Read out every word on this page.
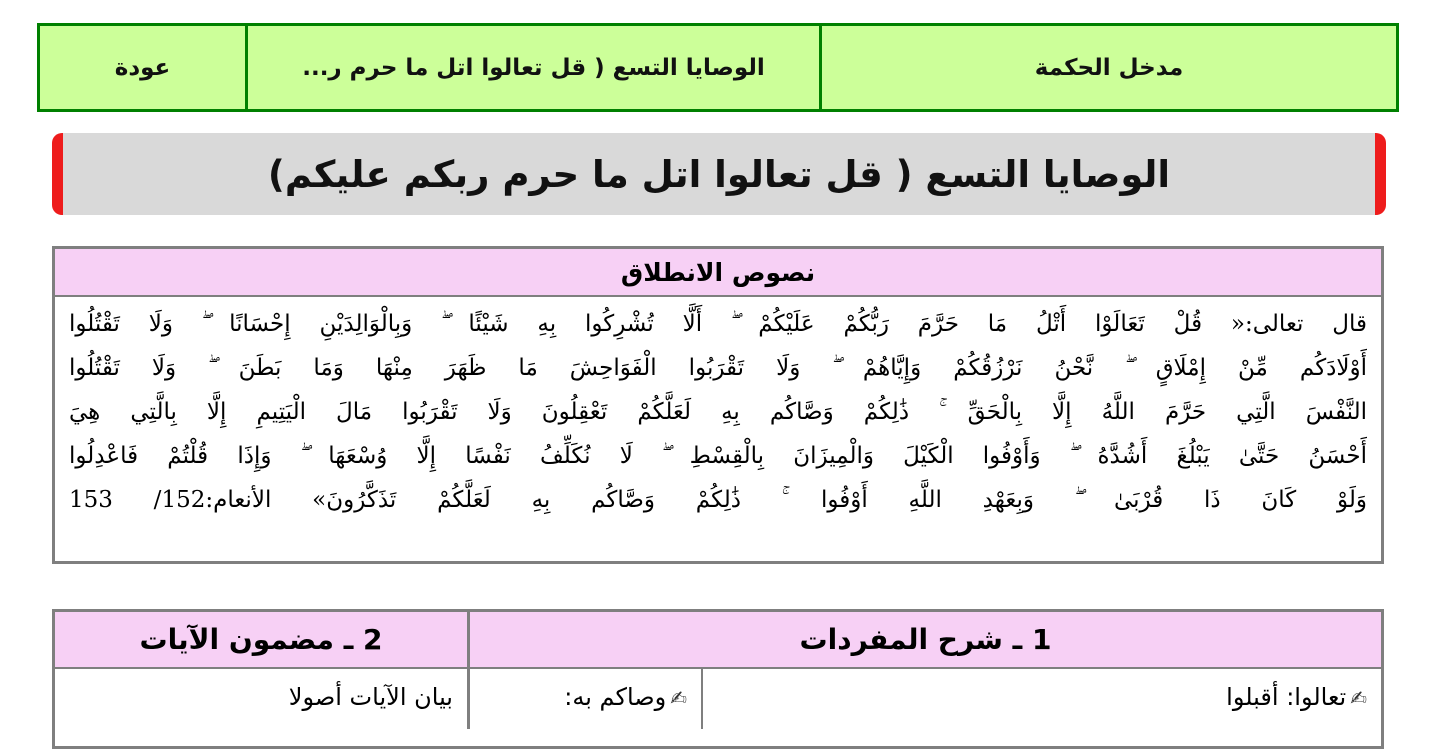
مدخل الحكمة
الوصايا التسع ( قل تعالوا اتل ما حرم ر...
عودة
الوصايا التسع ( قل تعالوا اتل ما حرم ربكم عليكم)
نصوص الانطلاق
قال تعالى:« قُلْ تَعَالَوْا أَتْلُ مَا حَرَّمَ رَبُّكُمْ عَلَيْكُمْ ۖ أَلَّا تُشْرِكُوا بِهِ شَيْئًا ۖ وَبِالْوَالِدَيْنِ إِحْسَانًا ۖ وَلَا تَقْتُلُوا
أَوْلَادَكُم مِّنْ إِمْلَاقٍ ۖ نَّحْنُ نَرْزُقُكُمْ وَإِيَّاهُمْ ۖ وَلَا تَقْرَبُوا الْفَوَاحِشَ مَا ظَهَرَ مِنْهَا وَمَا بَطَنَ ۖ وَلَا تَقْتُلُوا
النَّفْسَ الَّتِي حَرَّمَ اللَّهُ إِلَّا بِالْحَقِّ ۚ ذَٰلِكُمْ وَصَّاكُم بِهِ لَعَلَّكُمْ تَعْقِلُونَ وَلَا تَقْرَبُوا مَالَ الْيَتِيمِ إِلَّا بِالَّتِي هِيَ
أَحْسَنُ حَتَّىٰ يَبْلُغَ أَشُدَّهُ ۖ وَأَوْفُوا الْكَيْلَ وَالْمِيزَانَ بِالْقِسْطِ ۖ لَا نُكَلِّفُ نَفْسًا إِلَّا وُسْعَهَا ۖ وَإِذَا قُلْتُمْ فَاعْدِلُوا
وَلَوْ كَانَ ذَا قُرْبَىٰ ۖ وَبِعَهْدِ اللَّهِ أَوْفُوا ۚ ذَٰلِكُمْ وَصَّاكُم بِهِ لَعَلَّكُمْ تَذَكَّرُونَ» الأنعام:152/ 153
1 ـ شرح المفردات
2 ـ مضمون الآيات
✍تعالوا: أقبلوا
✍وصاكم به:
بيان الآيات أصولا
